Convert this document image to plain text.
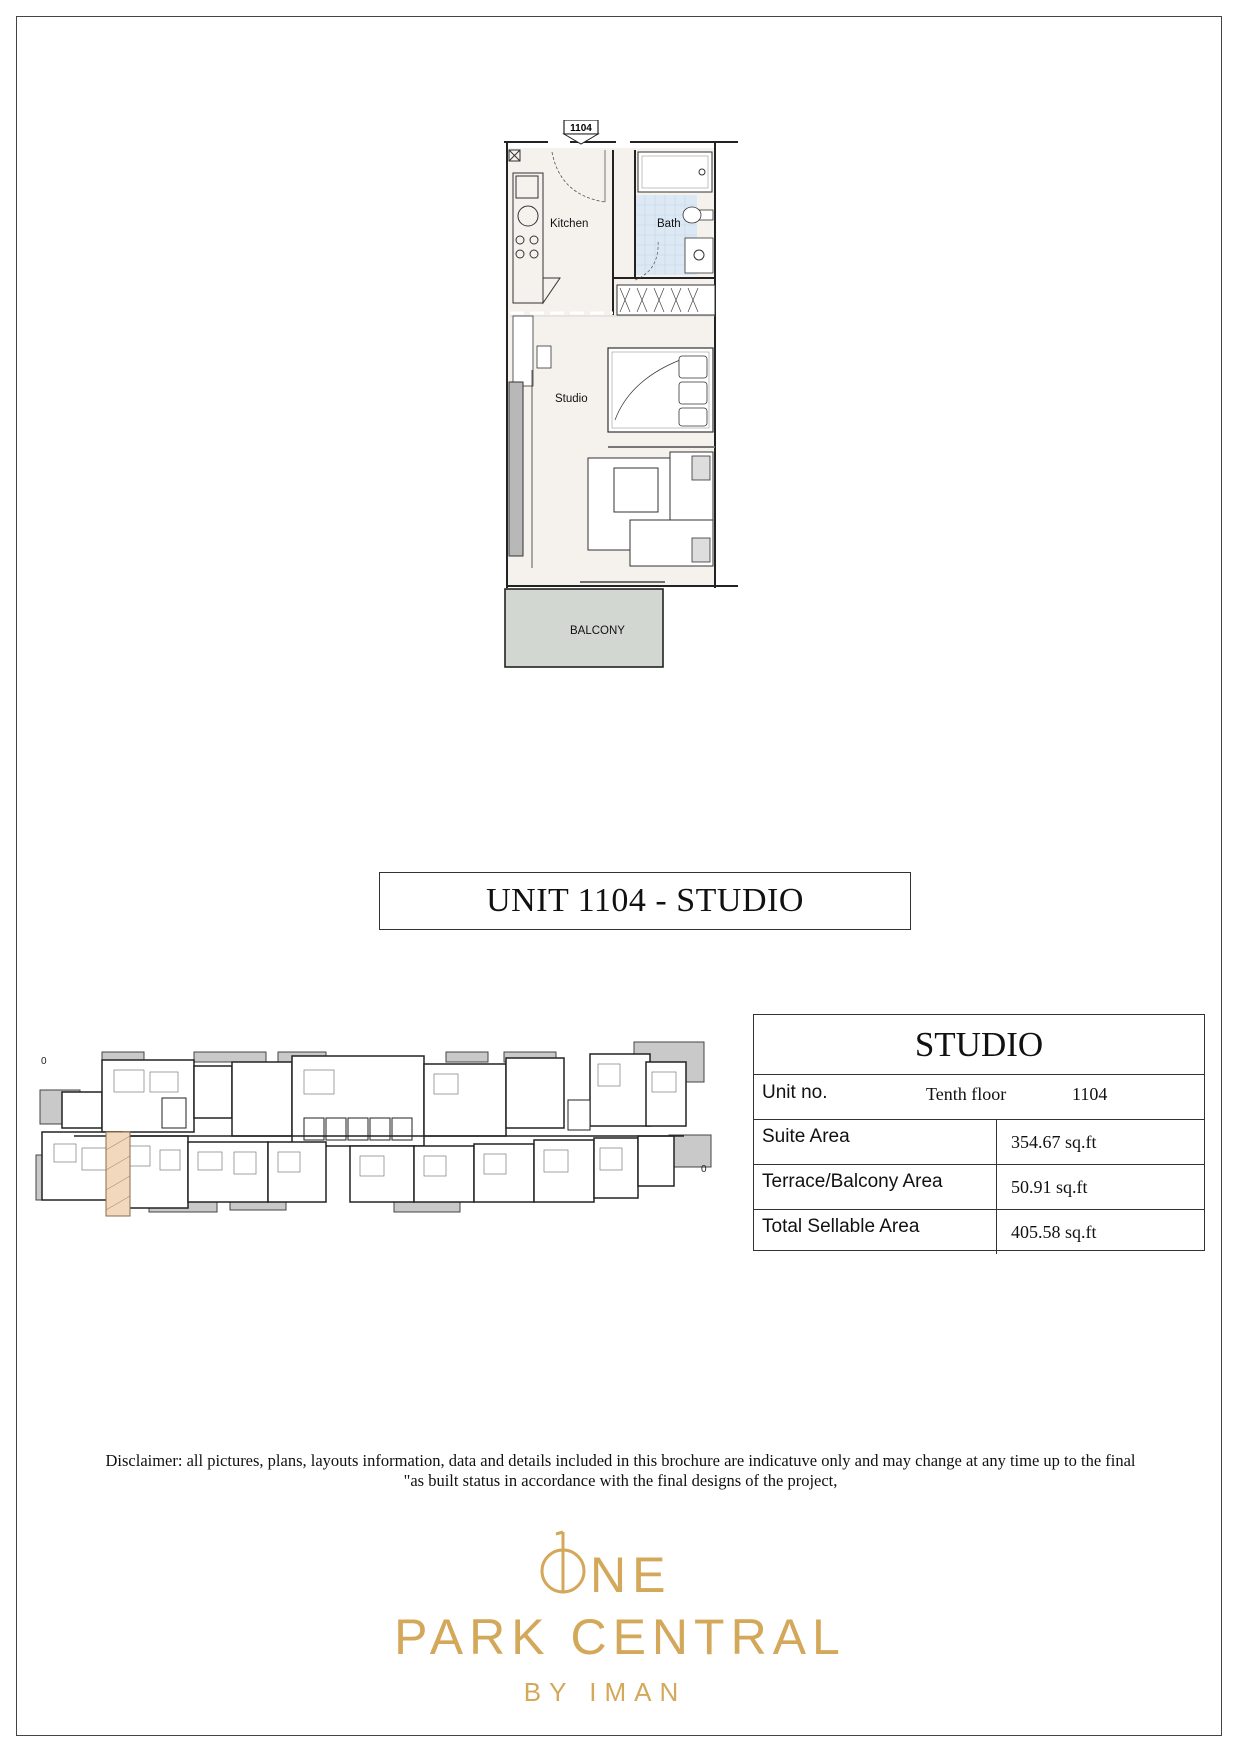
1104
Kitchen	Bath
Studio
BALCONY
UNIT 1104 - STUDIO
0
0
STUDIO
Unit no.	Tenth floor	1104
Suite Area	354.67 sq.ft
Terrace/Balcony Area	50.91 sq.ft
Total Sellable Area	405.58 sq.ft
Disclaimer: all pictures, plans, layouts information, data and details included in this brochure are indicatuve only and may change at any time up to the final
"as built status in accordance with the final designs of the project,
NE
PARK CENTRAL
BY IMAN
